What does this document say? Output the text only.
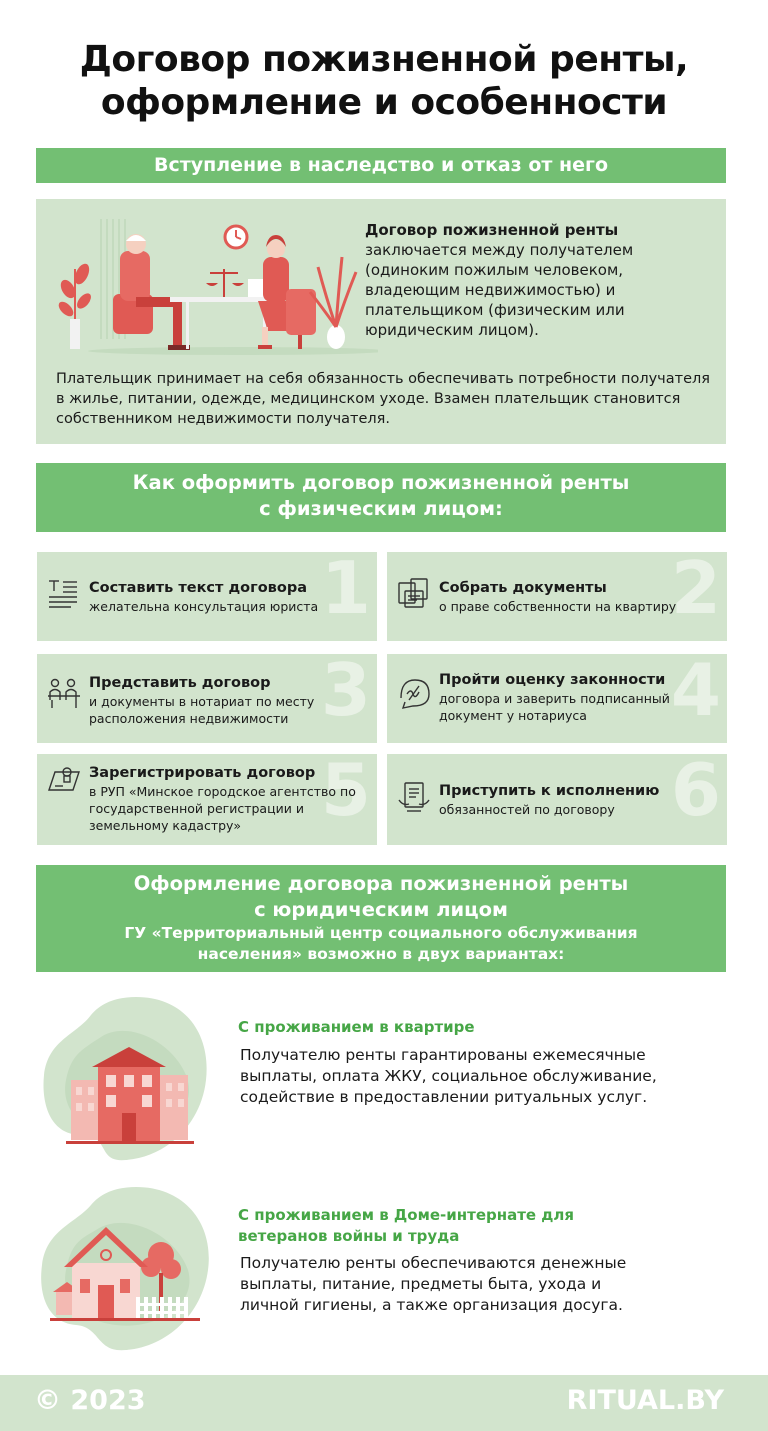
Договор пожизненной ренты,
оформление и особенности
Вступление в наследство и отказ от него
Договор пожизненной ренты
заключается между получателем (одиноким пожилым человеком, владеющим недвижимостью) и плательщиком (физическим или юридическим лицом).
Плательщик принимает на себя обязанность обеспечивать потребности получателя в жилье, питании, одежде, медицинском уходе. Взамен плательщик становится собственником недвижимости получателя.
Как оформить договор пожизненной ренты
с физическим лицом:
1
Составить текст договора
желательна консультация юриста	2
Собрать документы
о праве собственности на квартиру
3
Представить договор
и документы в нотариат по месту расположения недвижимости	4
Пройти оценку законности
договора и заверить подписанный документ у нотариуса
5
Зарегистрировать договор
в РУП «Минское городское агентство по государственной регистрации и земельному кадастру»	6
Приступить к исполнению
обязанностей по договору
Оформление договора пожизненной ренты
с юридическим лицом
ГУ «Территориальный центр социального обслуживания
населения» возможно в двух вариантах:
С проживанием в квартире
Получателю ренты гарантированы ежемесячные выплаты, оплата ЖКУ, социальное обслуживание, содействие в предоставлении ритуальных услуг.
С проживанием в Доме-интернате для ветеранов войны и труда
Получателю ренты обеспечиваются денежные выплаты, питание, предметы быта, ухода и личной гигиены, а также организация досуга.
© 2023	RITUAL.BY
